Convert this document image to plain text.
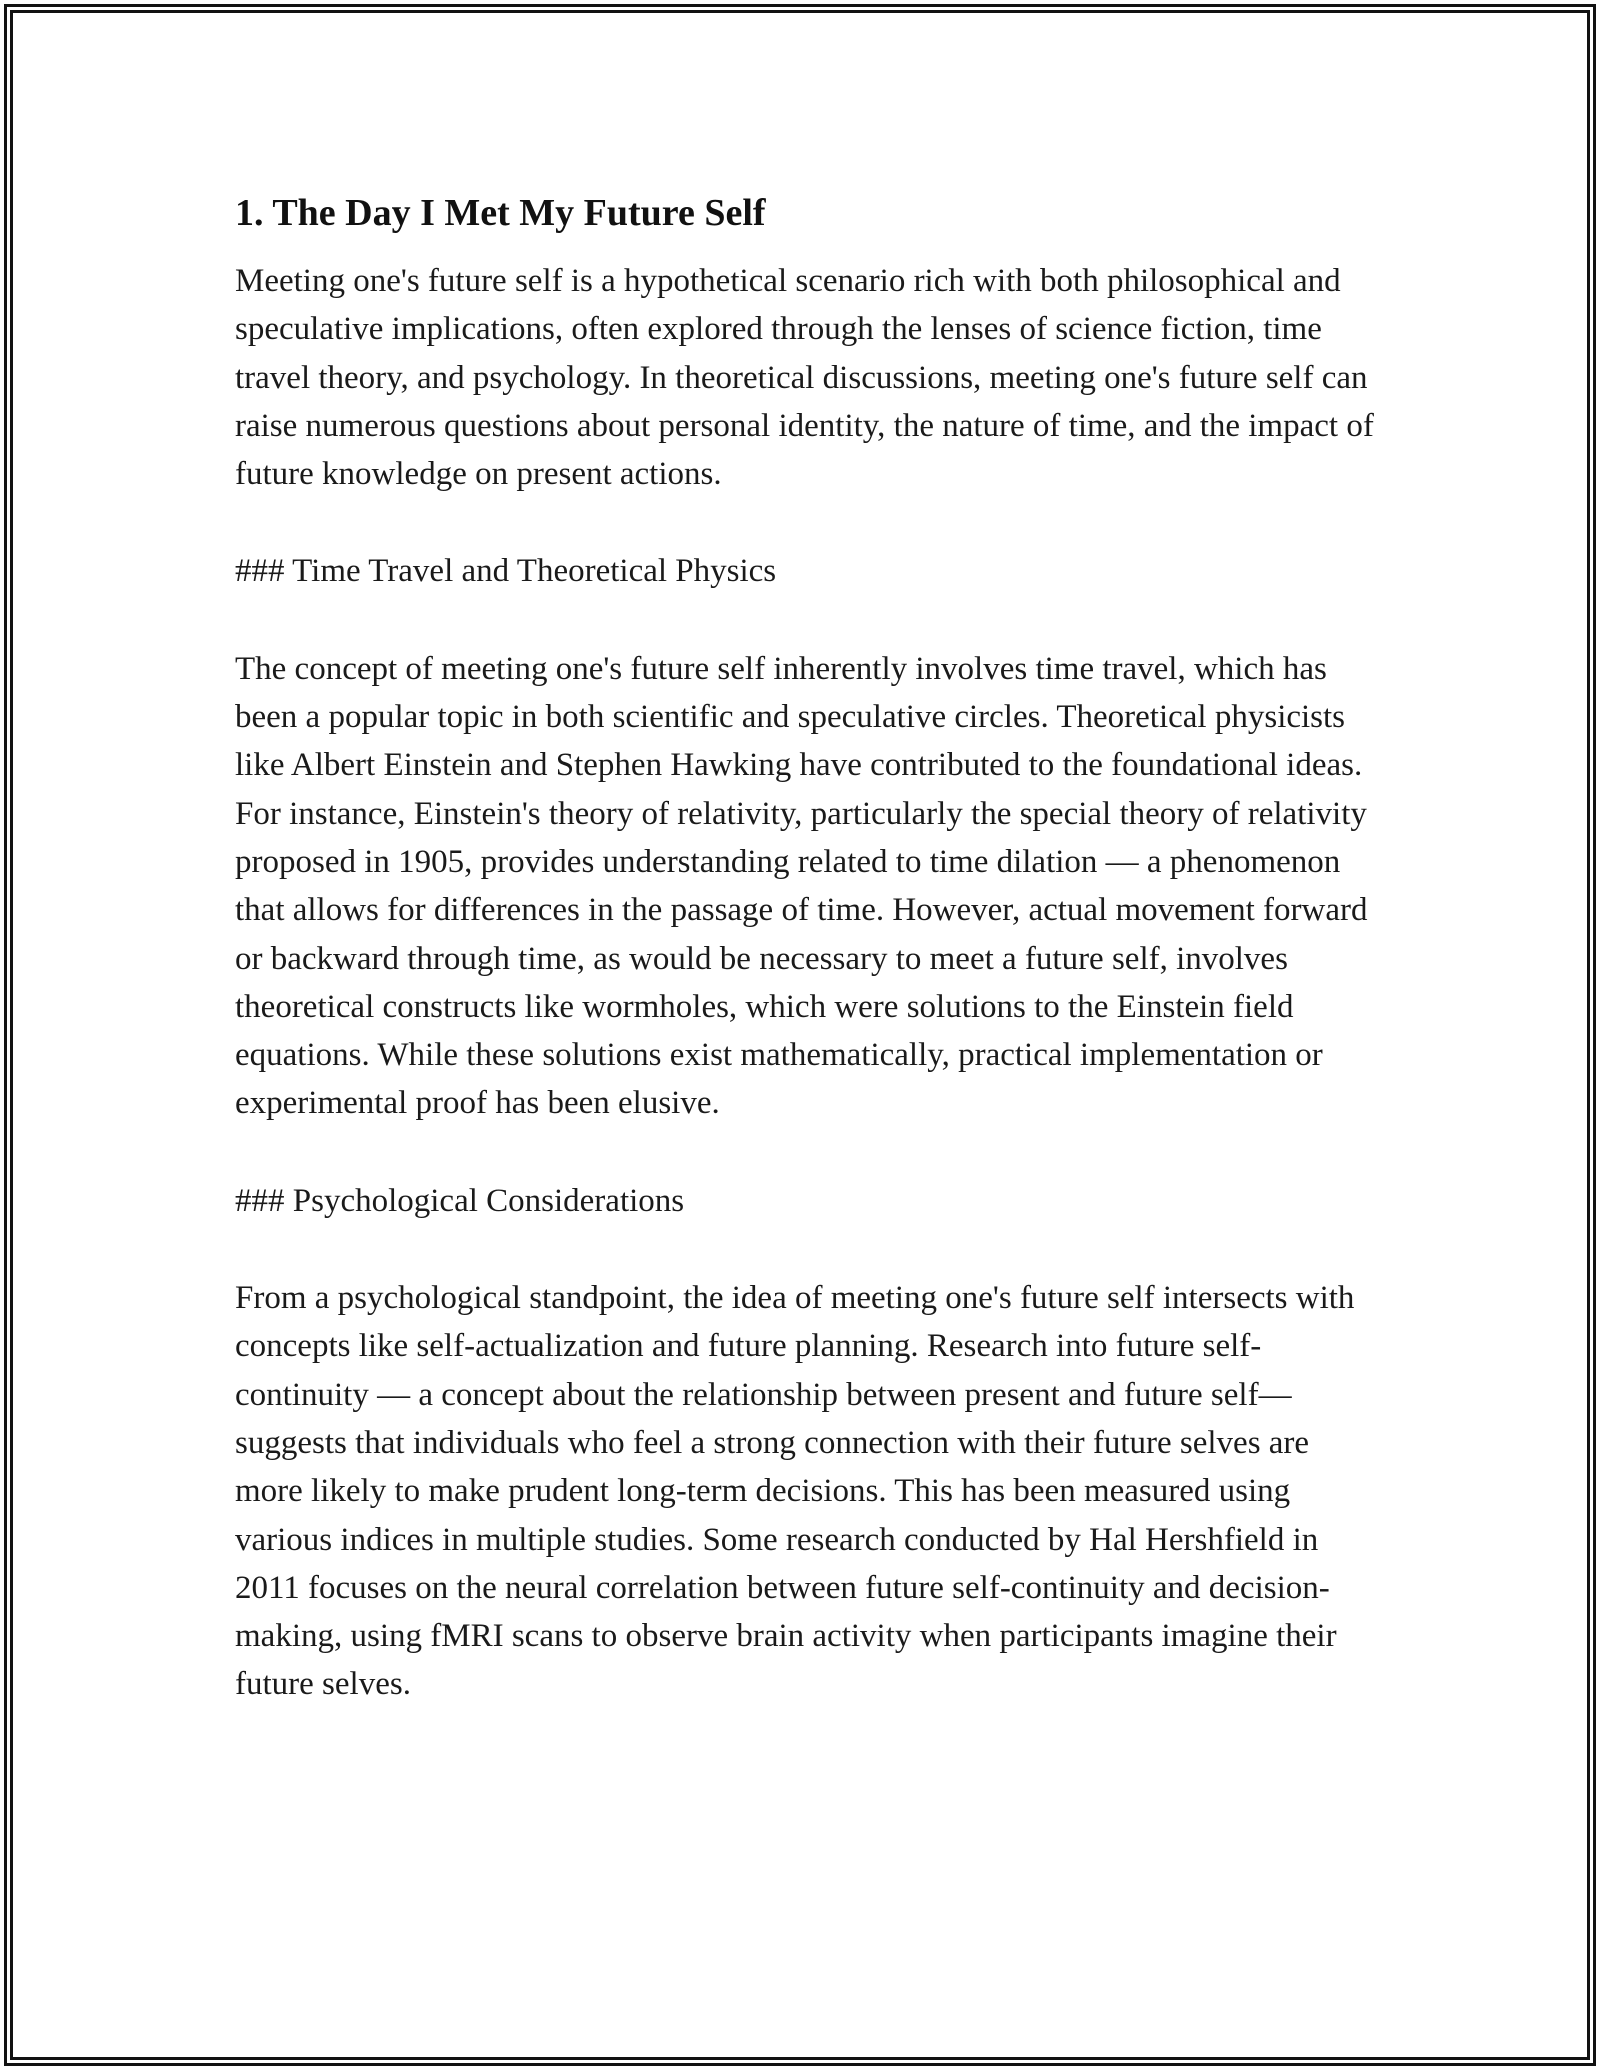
1. The Day I Met My Future Self

Meeting one's future self is a hypothetical scenario rich with both philosophical and speculative implications, often explored through the lenses of science fiction, time travel theory, and psychology. In theoretical discussions, meeting one's future self can raise numerous questions about personal identity, the nature of time, and the impact of future knowledge on present actions.

### Time Travel and Theoretical Physics

The concept of meeting one's future self inherently involves time travel, which has been a popular topic in both scientific and speculative circles. Theoretical physicists like Albert Einstein and Stephen Hawking have contributed to the foundational ideas. For instance, Einstein's theory of relativity, particularly the special theory of relativity proposed in 1905, provides understanding related to time dilation — a phenomenon that allows for differences in the passage of time. However, actual movement forward or backward through time, as would be necessary to meet a future self, involves theoretical constructs like wormholes, which were solutions to the Einstein field equations. While these solutions exist mathematically, practical implementation or experimental proof has been elusive.

### Psychological Considerations

From a psychological standpoint, the idea of meeting one's future self intersects with concepts like self-actualization and future planning. Research into future self-continuity — a concept about the relationship between present and future self— suggests that individuals who feel a strong connection with their future selves are more likely to make prudent long-term decisions. This has been measured using various indices in multiple studies. Some research conducted by Hal Hershfield in 2011 focuses on the neural correlation between future self-continuity and decision-making, using fMRI scans to observe brain activity when participants imagine their future selves.
